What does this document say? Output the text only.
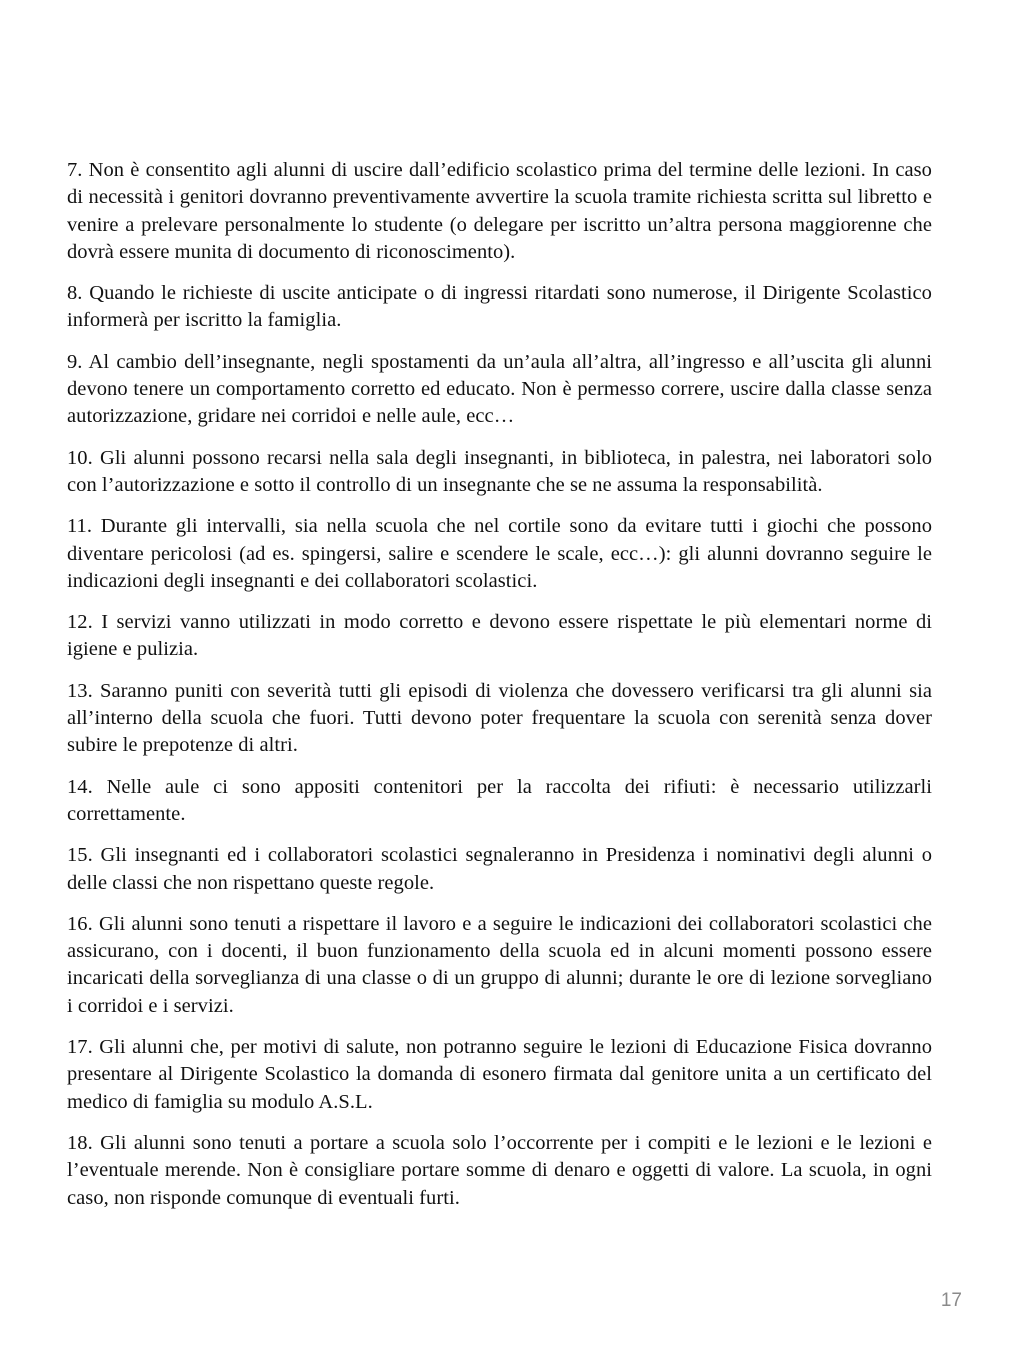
7. Non è consentito agli alunni di uscire dall’edificio scolastico prima del termine delle lezioni. In caso di necessità i genitori dovranno preventivamente avvertire la scuola tramite richiesta scritta sul libretto e venire a prelevare personalmente lo studente (o delegare per iscritto un’altra persona maggiorenne che dovrà essere munita di documento di riconoscimento).

8. Quando le richieste di uscite anticipate o di ingressi ritardati sono numerose, il Dirigente Scolastico informerà per iscritto la famiglia.

9. Al cambio dell’insegnante, negli spostamenti da un’aula all’altra, all’ingresso e all’uscita gli alunni devono tenere un comportamento corretto ed educato. Non è permesso correre, uscire dalla classe senza autorizzazione, gridare nei corridoi e nelle aule, ecc…

10. Gli alunni possono recarsi nella sala degli insegnanti, in biblioteca, in palestra, nei laboratori solo con l’autorizzazione e sotto il controllo di un insegnante che se ne assuma la responsabilità.

11. Durante gli intervalli, sia nella scuola che nel cortile sono da evitare tutti i giochi che possono diventare pericolosi (ad es. spingersi, salire e scendere le scale, ecc…): gli alunni dovranno seguire le indicazioni degli insegnanti e dei collaboratori scolastici.

12. I servizi vanno utilizzati in modo corretto e devono essere rispettate le più elementari norme di igiene e pulizia.

13. Saranno puniti con severità tutti gli episodi di violenza che dovessero verificarsi tra gli alunni sia all’interno della scuola che fuori. Tutti devono poter frequentare la scuola con serenità senza dover subire le prepotenze di altri.

14. Nelle aule ci sono appositi contenitori per la raccolta dei rifiuti: è necessario utilizzarli correttamente.

15. Gli insegnanti ed i collaboratori scolastici segnaleranno in Presidenza i nominativi degli alunni o delle classi che non rispettano queste regole.

16. Gli alunni sono tenuti a rispettare il lavoro e a seguire le indicazioni dei collaboratori scolastici che assicurano, con i docenti, il buon funzionamento della scuola ed in alcuni momenti possono essere incaricati della sorveglianza di una classe o di un gruppo di alunni; durante le ore di lezione sorvegliano i corridoi e i servizi.

17. Gli alunni che, per motivi di salute, non potranno seguire le lezioni di Educazione Fisica dovranno presentare al Dirigente Scolastico la domanda di esonero firmata dal genitore unita a un certificato del medico di famiglia su modulo A.S.L.

18. Gli alunni sono tenuti a portare a scuola solo l’occorrente per i compiti e le lezioni e le lezioni e l’eventuale merende. Non è consigliare portare somme di denaro e oggetti di valore. La scuola, in ogni caso, non risponde comunque di eventuali furti.

17
